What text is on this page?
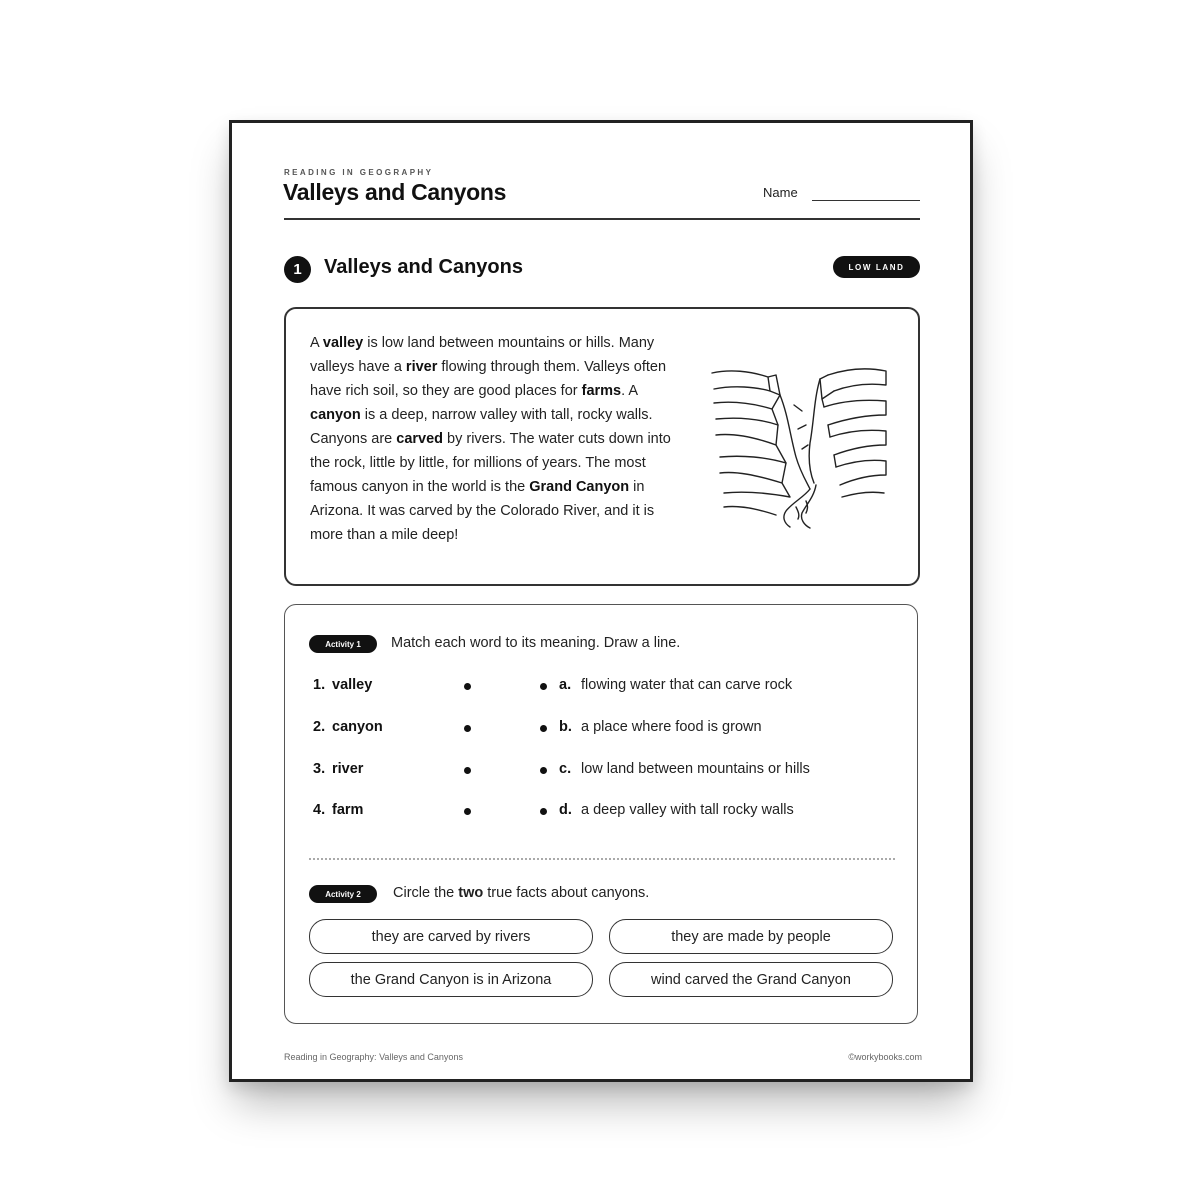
READING IN GEOGRAPHY
Valleys and Canyons	Name
1	Valleys and Canyons	LOW LAND
A valley is low land between mountains or hills. Many valleys have a river flowing through them. Valleys often have rich soil, so they are good places for farms. A canyon is a deep, narrow valley with tall, rocky walls. Canyons are carved by rivers. The water cuts down into the rock, little by little, for millions of years. The most famous canyon in the world is the Grand Canyon in Arizona. It was carved by the Colorado River, and it is more than a mile deep!
Activity 1	Match each word to its meaning. Draw a line.
Activity 2	Circle the two true facts about canyons.
1. valley	a. flowing water that can carve rock
2. canyon	b. a place where food is grown
3. river	c. low land between mountains or hills
4. farm	d. a deep valley with tall rocky walls
they are carved by rivers	they are made by people
the Grand Canyon is in Arizona	wind carved the Grand Canyon
Reading in Geography: Valleys and Canyons	©workybooks.com
